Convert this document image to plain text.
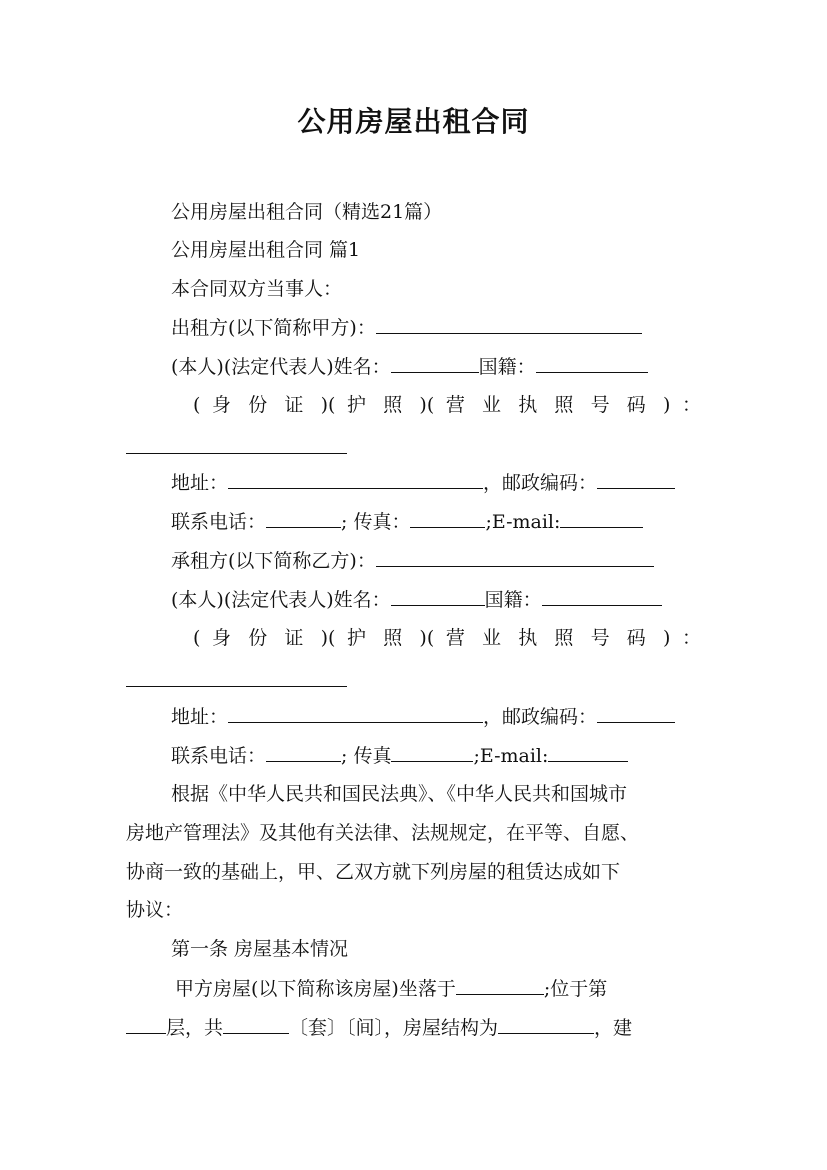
公用房屋出租合同
公用房屋出租合同（精选21篇）
公用房屋出租合同 篇1
本合同双方当事人：
出租方(以下简称甲方)：
(本人)(法定代表人)姓名：	国籍：
( 身 份 证 )( 护 照 )( 营 业 执 照 号 码 ) ：
地址：	，邮政编码：
联系电话：	; 传真：	;E-mail:
承租方(以下简称乙方)：
(本人)(法定代表人)姓名：	国籍：
( 身 份 证 )( 护 照 )( 营 业 执 照 号 码 ) ：
地址：	，邮政编码：
联系电话：	; 传真	;E-mail:
根据《中华人民共和国民法典》、《中华人民共和国城市
房地产管理法》及其他有关法律、法规规定，在平等、自愿、
协商一致的基础上，甲、乙双方就下列房屋的租赁达成如下
协议：
第一条 房屋基本情况
甲方房屋(以下简称该房屋)坐落于	;位于第
层，共	〔套〕〔间〕，房屋结构为	，建
